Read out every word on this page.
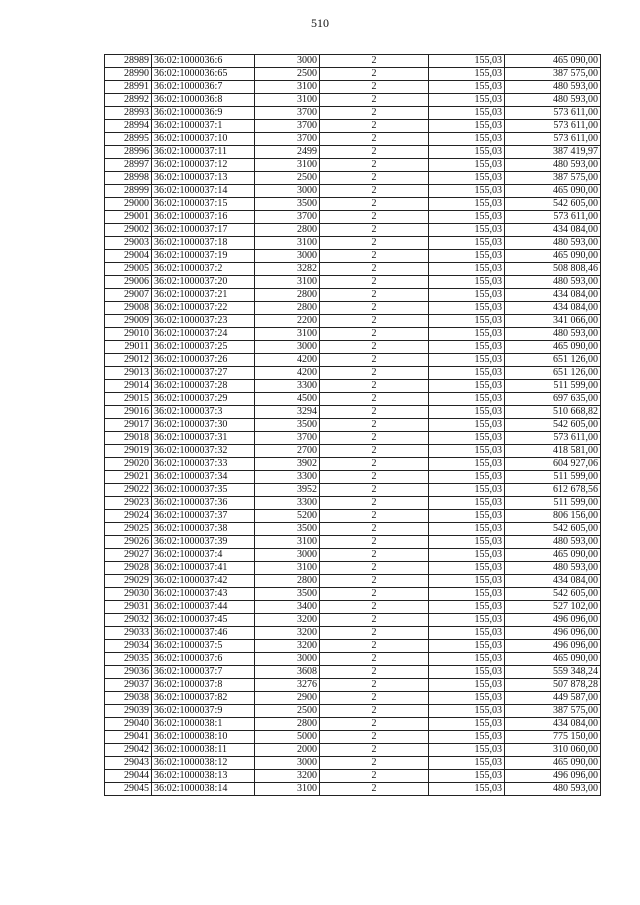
510
28989	36:02:1000036:6	3000	2	155,03	465 090,00
28990	36:02:1000036:65	2500	2	155,03	387 575,00
28991	36:02:1000036:7	3100	2	155,03	480 593,00
28992	36:02:1000036:8	3100	2	155,03	480 593,00
28993	36:02:1000036:9	3700	2	155,03	573 611,00
28994	36:02:1000037:1	3700	2	155,03	573 611,00
28995	36:02:1000037:10	3700	2	155,03	573 611,00
28996	36:02:1000037:11	2499	2	155,03	387 419,97
28997	36:02:1000037:12	3100	2	155,03	480 593,00
28998	36:02:1000037:13	2500	2	155,03	387 575,00
28999	36:02:1000037:14	3000	2	155,03	465 090,00
29000	36:02:1000037:15	3500	2	155,03	542 605,00
29001	36:02:1000037:16	3700	2	155,03	573 611,00
29002	36:02:1000037:17	2800	2	155,03	434 084,00
29003	36:02:1000037:18	3100	2	155,03	480 593,00
29004	36:02:1000037:19	3000	2	155,03	465 090,00
29005	36:02:1000037:2	3282	2	155,03	508 808,46
29006	36:02:1000037:20	3100	2	155,03	480 593,00
29007	36:02:1000037:21	2800	2	155,03	434 084,00
29008	36:02:1000037:22	2800	2	155,03	434 084,00
29009	36:02:1000037:23	2200	2	155,03	341 066,00
29010	36:02:1000037:24	3100	2	155,03	480 593,00
29011	36:02:1000037:25	3000	2	155,03	465 090,00
29012	36:02:1000037:26	4200	2	155,03	651 126,00
29013	36:02:1000037:27	4200	2	155,03	651 126,00
29014	36:02:1000037:28	3300	2	155,03	511 599,00
29015	36:02:1000037:29	4500	2	155,03	697 635,00
29016	36:02:1000037:3	3294	2	155,03	510 668,82
29017	36:02:1000037:30	3500	2	155,03	542 605,00
29018	36:02:1000037:31	3700	2	155,03	573 611,00
29019	36:02:1000037:32	2700	2	155,03	418 581,00
29020	36:02:1000037:33	3902	2	155,03	604 927,06
29021	36:02:1000037:34	3300	2	155,03	511 599,00
29022	36:02:1000037:35	3952	2	155,03	612 678,56
29023	36:02:1000037:36	3300	2	155,03	511 599,00
29024	36:02:1000037:37	5200	2	155,03	806 156,00
29025	36:02:1000037:38	3500	2	155,03	542 605,00
29026	36:02:1000037:39	3100	2	155,03	480 593,00
29027	36:02:1000037:4	3000	2	155,03	465 090,00
29028	36:02:1000037:41	3100	2	155,03	480 593,00
29029	36:02:1000037:42	2800	2	155,03	434 084,00
29030	36:02:1000037:43	3500	2	155,03	542 605,00
29031	36:02:1000037:44	3400	2	155,03	527 102,00
29032	36:02:1000037:45	3200	2	155,03	496 096,00
29033	36:02:1000037:46	3200	2	155,03	496 096,00
29034	36:02:1000037:5	3200	2	155,03	496 096,00
29035	36:02:1000037:6	3000	2	155,03	465 090,00
29036	36:02:1000037:7	3608	2	155,03	559 348,24
29037	36:02:1000037:8	3276	2	155,03	507 878,28
29038	36:02:1000037:82	2900	2	155,03	449 587,00
29039	36:02:1000037:9	2500	2	155,03	387 575,00
29040	36:02:1000038:1	2800	2	155,03	434 084,00
29041	36:02:1000038:10	5000	2	155,03	775 150,00
29042	36:02:1000038:11	2000	2	155,03	310 060,00
29043	36:02:1000038:12	3000	2	155,03	465 090,00
29044	36:02:1000038:13	3200	2	155,03	496 096,00
29045	36:02:1000038:14	3100	2	155,03	480 593,00
